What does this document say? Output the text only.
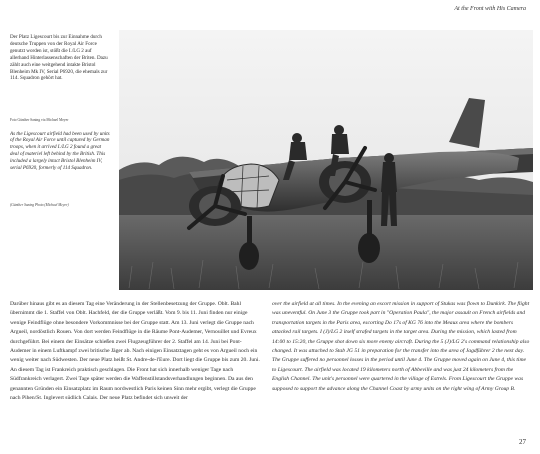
At the Front with His Camera

Der Platz Ligescourt bis zur Einnahme durch deutsche Truppen von der Royal Air Force genutzt worden ist, stößt die I./LG 2 auf allerhand Hinterlassenschaften der Briten. Dazu zählt auch eine weitgehend intakte Bristol Blenheim Mk IV, Serial P6920, die ehemals zur 114. Squadron gehört hat.

Foto Günther Saning via Michael Meyer

As the Ligescourt airfield had been used by units of the Royal Air Force until captured by German troops, when it arrived I./LG 2 found a great deal of materiel left behind by the British. This included a largely intact Bristol Blenheim IV, serial P6920, formerly of 114 Squadron.

(Günther Saning Photo (Michael Meyer)

Darüber hinaus gibt es an diesem Tag eine Veränderung in der Stellenbesetzung der Gruppe. Oblt. Bahl übernimmt die 1. Staffel von Oblt. Hachfeld, der die Gruppe verläßt. Vom 9. bis 11. Juni finden nur einige wenige Feindflüge ohne besondere Vorkommnisse bei der Gruppe statt. Am 13. Juni verlegt die Gruppe nach Argueil, nordöstlich Rouen. Von dort werden Feindflüge in die Räume Pont-Audemer, Vernouillet und Evreux durchgeführt. Bei einem der Einsätze schießen zwei Flugzeugführer der 2. Staffel am 14. Juni bei Pont-Audemer in einem Luftkampf zwei britische Jäger ab. Nach einigen Einsatztagen geht es von Argueil noch ein wenig weiter nach Südwesten. Der neue Platz heißt St. Andre-de-l'Eure. Dort liegt die Gruppe bis zum 20. Juni. An diesem Tag ist Frankreich praktisch geschlagen. Die Front hat sich innerhalb weniger Tage nach Südfrankreich verlagert. Zwei Tage später werden die Waffenstillstandsverhandlungen beginnen. Da aus den genannten Gründen ein Einsatzplatz im Raum nordwestlich Paris keinen Sinn mehr ergibt, verlegt die Gruppe nach Pihen/St. Inglevert südlich Calais. Der neue Platz befindet sich unweit der

over the airfield at all times. In the evening an escort mission in support of Stukas was flown to Dunkirk. The flight was uneventful. On June 3 the Gruppe took part in "Operation Paula", the major assault on French airfields and transportation targets in the Paris area, escorting Do 17s of KG 76 into the Meaux area where the bombers attacked rail targets. I (J)/LG 2 itself strafed targets in the target area. During the mission, which lasted from 14:00 to 15:20, the Gruppe shot down six more enemy aircraft. During the 5 (J)/LG 2's command relationship also changed. It was attached to Stab JG 51 in preparation for the transfer into the area of Jagdführer 2 the next day. The Gruppe suffered no personnel losses in the period until June 4. The Gruppe moved again on June 4, this time to Ligescourt. The airfield was located 19 kilometers north of Abbeville and was just 24 kilometers from the English Channel. The unit's personnel were quartered in the village of Estrels. From Ligescourt the Gruppe was supposed to support the advance along the Channel Coast by army units on the right wing of Army Group B.

27
